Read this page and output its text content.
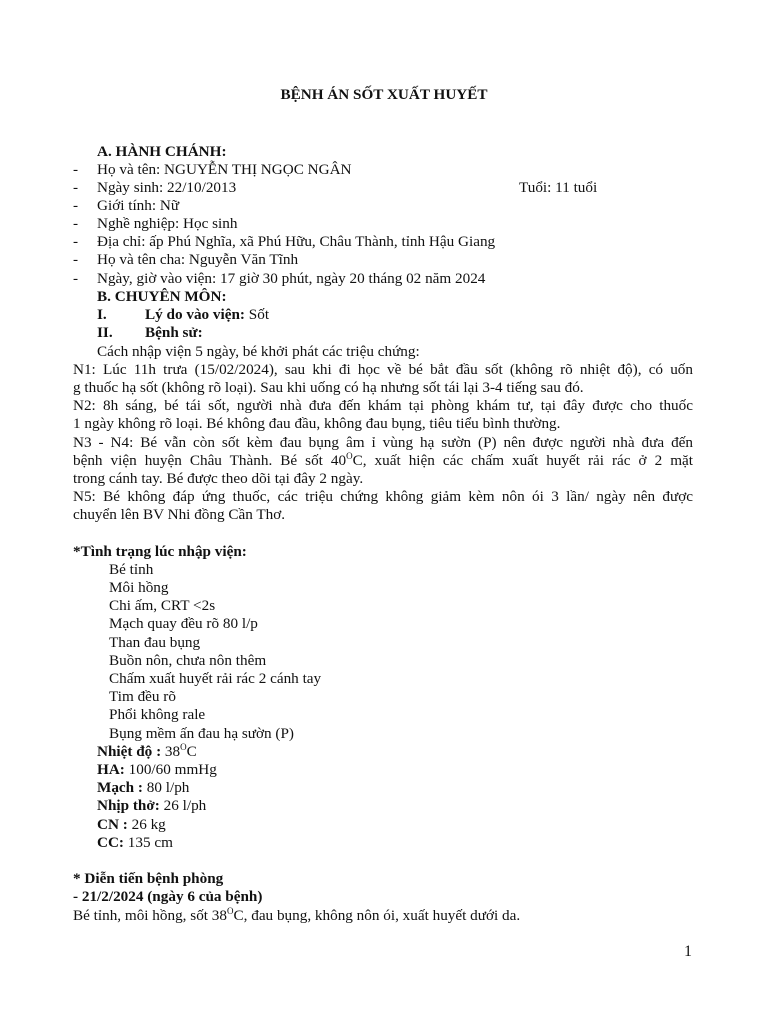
BỆNH ÁN SỐT XUẤT HUYẾT
A. HÀNH CHÁNH:
- Họ và tên: NGUYỄN THỊ NGỌC NGÂN
- Ngày sinh: 22/10/2013	Tuổi: 11 tuổi
- Giới tính: Nữ
- Nghề nghiệp: Học sinh
- Địa chỉ: ấp Phú Nghĩa, xã Phú Hữu, Châu Thành, tỉnh Hậu Giang
- Họ và tên cha: Nguyễn Văn Tĩnh
- Ngày, giờ vào viện: 17 giờ 30 phút, ngày 20 tháng 02 năm 2024
B. CHUYÊN MÔN:
I.	Lý do vào viện: Sốt
II. Bệnh sử:
Cách nhập viện 5 ngày, bé khởi phát các triệu chứng:
N1: Lúc 11h trưa (15/02/2024), sau khi đi học về bé bắt đầu sốt (không rõ nhiệt độ), có uốn
g thuốc hạ sốt (không rõ loại). Sau khi uống có hạ nhưng sốt tái lại 3-4 tiếng sau đó.
N2: 8h sáng, bé tái sốt, người nhà đưa đến khám tại phòng khám tư, tại đây được cho thuốc
1 ngày không rõ loại. Bé không đau đầu, không đau bụng, tiêu tiểu bình thường.
N3 - N4: Bé vẫn còn sốt kèm đau bụng âm ỉ vùng hạ sườn (P) nên được người nhà đưa đến
bệnh viện huyện Châu Thành. Bé sốt $40^OC$, xuất hiện các chấm xuất huyết rải rác ở 2 mặt
trong cánh tay. Bé được theo dõi tại đây 2 ngày.
N5: Bé không đáp ứng thuốc, các triệu chứng không giảm kèm nôn ói 3 lần/ ngày nên được
chuyển lên BV Nhi đồng Cần Thơ.
*Tình trạng lúc nhập viện:
Bé tỉnh
Môi hồng
Chi ấm, CRT <2s
Mạch quay đều rõ 80 l/p
Than đau bụng
Buồn nôn, chưa nôn thêm
Chấm xuất huyết rải rác 2 cánh tay
Tim đều rõ
Phổi không rale
Bụng mềm ấn đau hạ sườn (P)
Nhiệt độ : $38^OC$
HA: 100/60 mmHg
Mạch : 80 l/ph
Nhịp thở: 26 l/ph
CN : 26 kg
CC: 135 cm
* Diễn tiến bệnh phòng
- 21/2/2024 (ngày 6 của bệnh)
Bé tỉnh, môi hồng, sốt $38^OC$, đau bụng, không nôn ói, xuất huyết dưới da.
1
